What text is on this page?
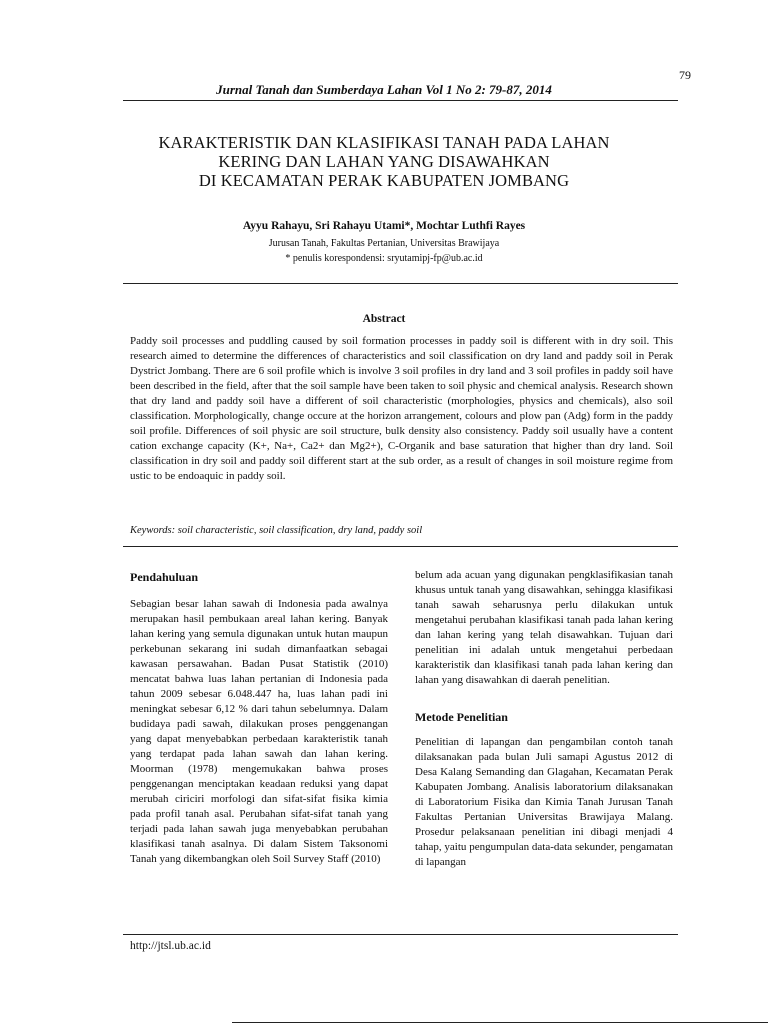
79
Jurnal Tanah dan Sumberdaya Lahan Vol 1 No 2: 79-87, 2014
KARAKTERISTIK DAN KLASIFIKASI TANAH PADA LAHAN
KERING DAN LAHAN YANG DISAWAHKAN
DI KECAMATAN PERAK KABUPATEN JOMBANG
Ayyu Rahayu, Sri Rahayu Utami*, Mochtar Luthfi Rayes
Jurusan Tanah, Fakultas Pertanian, Universitas Brawijaya
* penulis korespondensi: sryutamipj-fp@ub.ac.id
Abstract
Paddy soil processes and puddling caused by soil formation processes in paddy soil is different with in dry soil. This research aimed to determine the differences of characteristics and soil classification on dry land and paddy soil in Perak Dystrict Jombang. There are 6 soil profile which is involve 3 soil profiles in dry land and 3 soil profiles in paddy soil have been described in the field, after that the soil sample have been taken to soil physic and chemical analysis. Research shown that dry land and paddy soil have a different of soil characteristic (morphologies, physics and chemicals), also soil classification. Morphologically, change occure at the horizon arrangement, colours and plow pan (Adg) form in the paddy soil profile. Differences of soil physic are soil structure, bulk density also consistency. Paddy soil usually have a content cation exchange capacity (K+, Na+, Ca2+ dan Mg2+), C-Organik and base saturation that higher than dry land. Soil classification in dry soil and paddy soil different start at the sub order, as a result of changes in soil moisture regime from ustic to be endoaquic in paddy soil.
Keywords: soil characteristic, soil classification, dry land, paddy soil
Pendahuluan

Sebagian besar lahan sawah di Indonesia pada awalnya merupakan hasil pembukaan areal lahan kering. Banyak lahan kering yang semula digunakan untuk hutan maupun perkebunan sekarang ini sudah dimanfaatkan sebagai kawasan persawahan. Badan Pusat Statistik (2010) mencatat bahwa luas lahan pertanian di Indonesia pada tahun 2009 sebesar 6.048.447 ha, luas lahan padi ini meningkat sebesar 6,12 % dari tahun sebelumnya. Dalam budidaya padi sawah, dilakukan proses penggenangan yang dapat menyebabkan perbedaan karakteristik tanah yang terdapat pada lahan sawah dan lahan kering. Moorman (1978) mengemukakan bahwa proses penggenangan menciptakan keadaan reduksi yang dapat merubah ciriciri morfologi dan sifat-sifat fisika kimia pada profil tanah asal. Perubahan sifat-sifat tanah yang terjadi pada lahan sawah juga menyebabkan perubahan klasifikasi tanah asalnya. Di dalam Sistem Taksonomi Tanah yang dikembangkan oleh Soil Survey Staff (2010)

belum ada acuan yang digunakan pengklasifikasian tanah khusus untuk tanah yang disawahkan, sehingga klasifikasi tanah sawah seharusnya perlu dilakukan untuk mengetahui perubahan klasifikasi tanah pada lahan kering dan lahan kering yang telah disawahkan. Tujuan dari penelitian ini adalah untuk mengetahui perbedaan karakteristik dan klasifikasi tanah pada lahan kering dan lahan yang disawahkan di daerah penelitian.

Metode Penelitian

Penelitian di lapangan dan pengambilan contoh tanah dilaksanakan pada bulan Juli samapi Agustus 2012 di Desa Kalang Semanding dan Glagahan, Kecamatan Perak Kabupaten Jombang. Analisis laboratorium dilaksanakan di Laboratorium Fisika dan Kimia Tanah Jurusan Tanah Fakultas Pertanian Universitas Brawijaya Malang. Prosedur pelaksanaan penelitian ini dibagi menjadi 4 tahap, yaitu pengumpulan data-data sekunder, pengamatan di lapangan

http://jtsl.ub.ac.id
